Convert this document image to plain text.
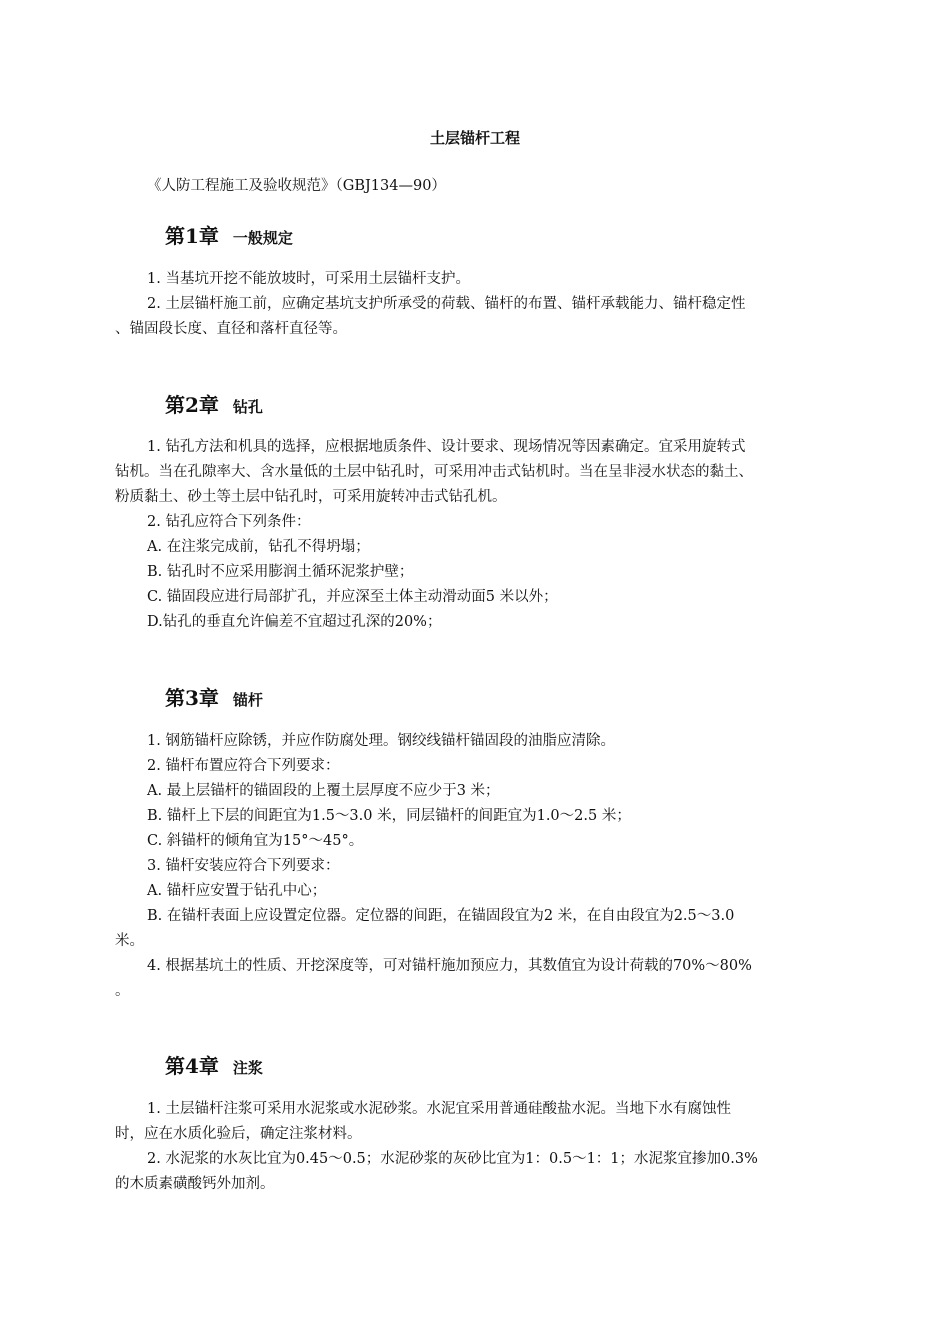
土层锚杆工程
《人防工程施工及验收规范》（GBJ134—90）
第1章 一般规定
1. 当基坑开挖不能放坡时，可采用土层锚杆支护。
2. 土层锚杆施工前，应确定基坑支护所承受的荷载、锚杆的布置、锚杆承载能力、锚杆稳定性
、锚固段长度、直径和落杆直径等。
第2章 钻孔
1. 钻孔方法和机具的选择，应根据地质条件、设计要求、现场情况等因素确定。宜采用旋转式
钻机。当在孔隙率大、含水量低的土层中钻孔时，可采用冲击式钻机时。当在呈非浸水状态的黏土、
粉质黏土、砂土等土层中钻孔时，可采用旋转冲击式钻孔机。
2. 钻孔应符合下列条件：
A. 在注浆完成前，钻孔不得坍塌；
B. 钻孔时不应采用膨润土循环泥浆护壁；
C. 锚固段应进行局部扩孔，并应深至土体主动滑动面5 米以外；
D.钻孔的垂直允许偏差不宜超过孔深的20%；
第3章 锚杆
1. 钢筋锚杆应除锈，并应作防腐处理。钢绞线锚杆锚固段的油脂应清除。
2. 锚杆布置应符合下列要求：
A. 最上层锚杆的锚固段的上覆土层厚度不应少于3 米；
B. 锚杆上下层的间距宜为1.5～3.0 米，同层锚杆的间距宜为1.0～2.5 米；
C. 斜锚杆的倾角宜为15°～45°。
3. 锚杆安装应符合下列要求：
A. 锚杆应安置于钻孔中心；
B. 在锚杆表面上应设置定位器。定位器的间距，在锚固段宜为2 米，在自由段宜为2.5～3.0
米。
4. 根据基坑土的性质、开挖深度等，可对锚杆施加预应力，其数值宜为设计荷载的70%～80%
。
第4章 注浆
1. 土层锚杆注浆可采用水泥浆或水泥砂浆。水泥宜采用普通硅酸盐水泥。当地下水有腐蚀性
时，应在水质化验后，确定注浆材料。
2. 水泥浆的水灰比宜为0.45～0.5；水泥砂浆的灰砂比宜为1：0.5～1：1；水泥浆宜掺加0.3%
的木质素磺酸钙外加剂。
